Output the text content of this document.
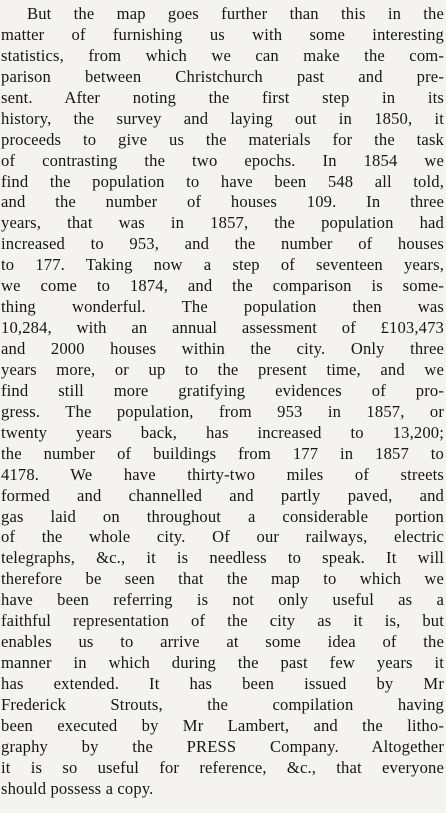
But the map goes further than this in the
matter of furnishing us with some interesting
statistics, from which we can make the com-
parison between Christchurch past and pre-
sent. After noting the first step in its
history, the survey and laying out in 1850, it
proceeds to give us the materials for the task
of contrasting the two epochs. In 1854 we
find the population to have been 548 all told,
and the number of houses 109. In three
years, that was in 1857, the population had
increased to 953, and the number of houses
to 177. Taking now a step of seventeen years,
we come to 1874, and the comparison is some-
thing wonderful. The population then was
10,284, with an annual assessment of £103,473
and 2000 houses within the city. Only three
years more, or up to the present time, and we
find still more gratifying evidences of pro-
gress. The population, from 953 in 1857, or
twenty years back, has increased to 13,200;
the number of buildings from 177 in 1857 to
4178. We have thirty-two miles of streets
formed and channelled and partly paved, and
gas laid on throughout a considerable portion
of the whole city. Of our railways, electric
telegraphs, &c., it is needless to speak. It will
therefore be seen that the map to which we
have been referring is not only useful as a
faithful representation of the city as it is, but
enables us to arrive at some idea of the
manner in which during the past few years it
has extended. It has been issued by Mr
Frederick Strouts, the compilation having
been executed by Mr Lambert, and the litho-
graphy by the PRESS Company. Altogether
it is so useful for reference, &c., that everyone
should possess a copy.
